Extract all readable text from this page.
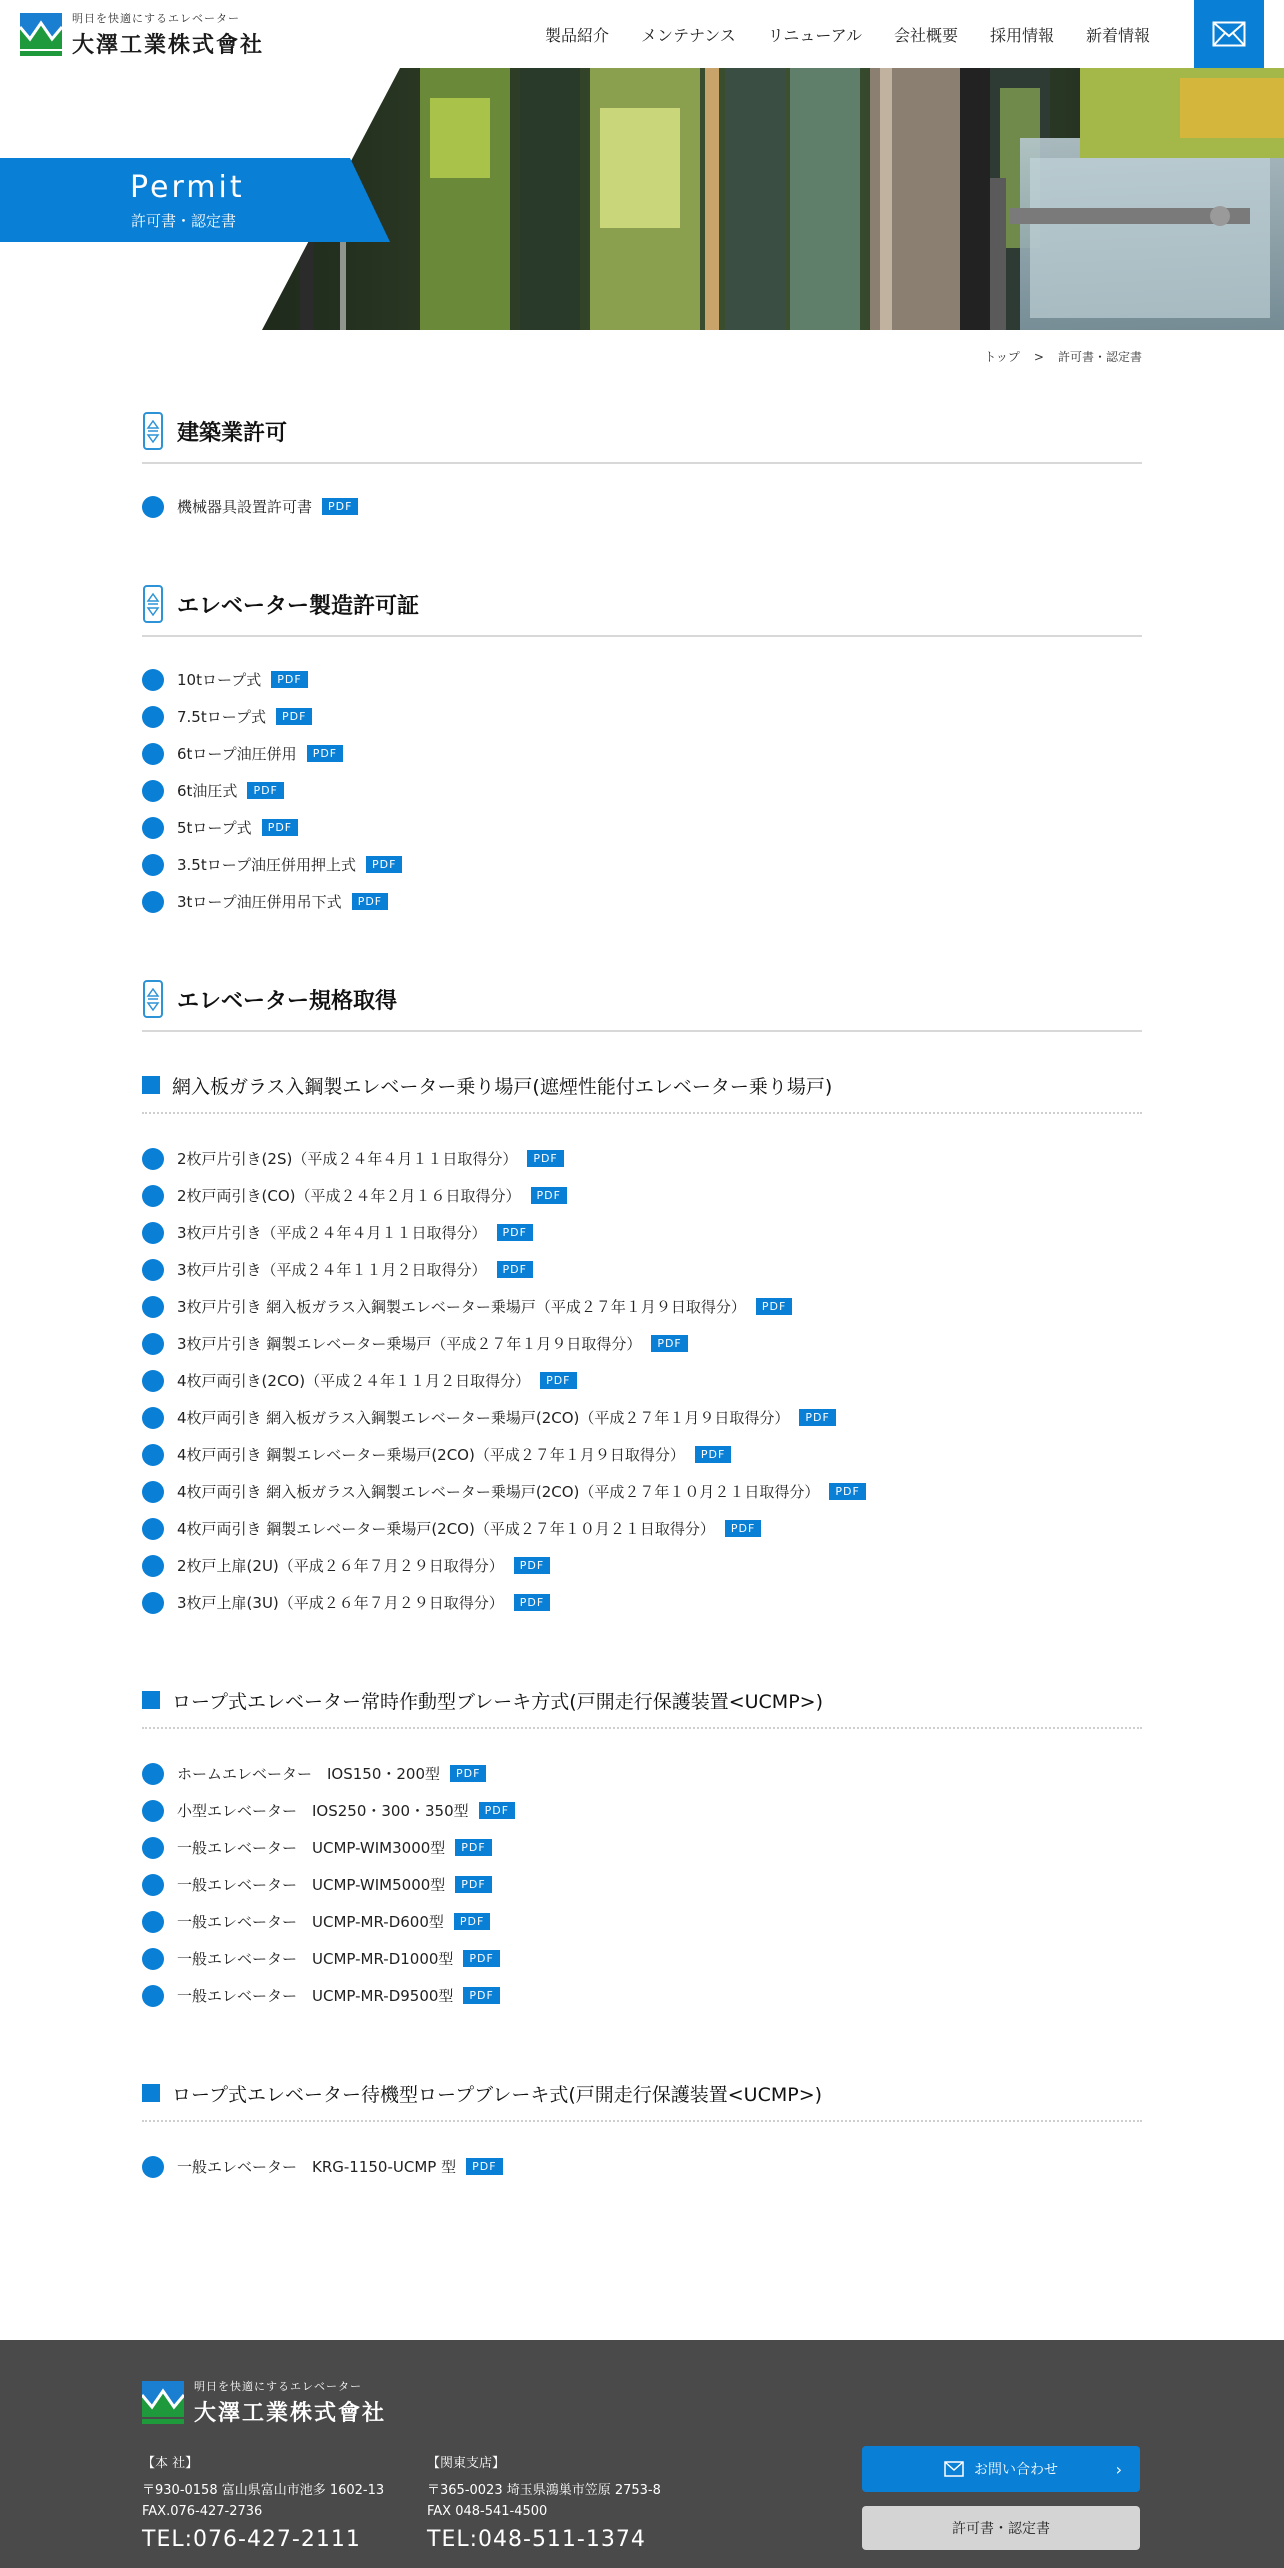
明日を快適にするエレベーター
大澤工業株式會社	製品紹介 メンテナンス リニューアル 会社概要 採用情報 新着情報
Permit
許可書・認定書
トップ > 許可書・認定書
建築業許可
機械器具設置許可書	PDF
エレベーター製造許可証
10tロープ式	PDF
7.5tロープ式	PDF
6tロープ油圧併用	PDF
6t油圧式	PDF
5tロープ式	PDF
3.5tロープ油圧併用押上式	PDF
3tロープ油圧併用吊下式	PDF
エレベーター規格取得
網入板ガラス入鋼製エレベーター乗り場戸(遮煙性能付エレベーター乗り場戸)
2枚戸片引き(2S)（平成２４年４月１１日取得分）	PDF
2枚戸両引き(CO)（平成２４年２月１６日取得分）	PDF
3枚戸片引き（平成２４年４月１１日取得分）	PDF
3枚戸片引き（平成２４年１１月２日取得分）	PDF
3枚戸片引き 網入板ガラス入鋼製エレベーター乗場戸（平成２７年１月９日取得分）	PDF
3枚戸片引き 鋼製エレベーター乗場戸（平成２７年１月９日取得分）	PDF
4枚戸両引き(2CO)（平成２４年１１月２日取得分）	PDF
4枚戸両引き 網入板ガラス入鋼製エレベーター乗場戸(2CO)（平成２７年１月９日取得分）	PDF
4枚戸両引き 鋼製エレベーター乗場戸(2CO)（平成２７年１月９日取得分）	PDF
4枚戸両引き 網入板ガラス入鋼製エレベーター乗場戸(2CO)（平成２７年１０月２１日取得分）	PDF
4枚戸両引き 鋼製エレベーター乗場戸(2CO)（平成２７年１０月２１日取得分）	PDF
2枚戸上扉(2U)（平成２６年７月２９日取得分）	PDF
3枚戸上扉(3U)（平成２６年７月２９日取得分）	PDF
ロープ式エレベーター常時作動型ブレーキ方式(戸開走行保護装置<UCMP>)
ホームエレベーター　IOS150・200型	PDF
小型エレベーター　IOS250・300・350型	PDF
一般エレベーター　UCMP-WIM3000型	PDF
一般エレベーター　UCMP-WIM5000型	PDF
一般エレベーター　UCMP-MR-D600型	PDF
一般エレベーター　UCMP-MR-D1000型	PDF
一般エレベーター　UCMP-MR-D9500型	PDF
ロープ式エレベーター待機型ロープブレーキ式(戸開走行保護装置<UCMP>)
一般エレベーター　KRG-1150-UCMP 型	PDF
明日を快適にするエレベーター
大澤工業株式會社
【本 社】
〒930-0158 富山県富山市池多 1602-13
FAX.076-427-2736
TEL:076-427-2111
【関東支店】
〒365-0023 埼玉県鴻巣市笠原 2753-8
FAX 048-541-4500
TEL:048-511-1374
お問い合わせ	›
許可書・認定書
